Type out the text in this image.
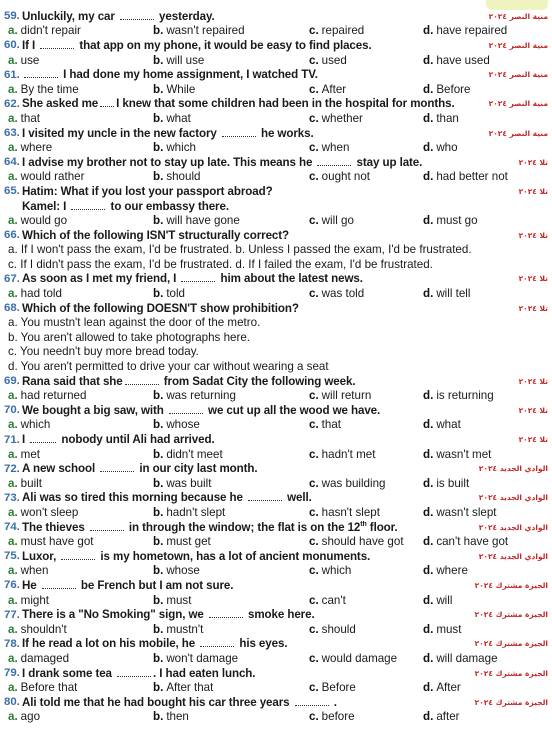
59. Unluckily, my car	yesterday.	منية النصر ٢٠٢٤
a. didn't repair	b. wasn't repaired	c. repaired	d. have repaired
60. If I	that app on my phone, it would be easy to find places.	منية النصر ٢٠٢٤
a. use	b. will use	c. used	d. have used
61.	I had done my home assignment, I watched TV.	منية النصر ٢٠٢٤
a. By the time	b. While	c. After	d. Before
62. She asked me I knew that some children had been in the hospital for months.	منية النصر ٢٠٢٤
a. that	b. what	c. whether	d. than
63. I visited my uncle in the new factory	he works.	منية النصر ٢٠٢٤
a. where	b. which	c. when	d. who
64. I advise my brother not to stay up late. This means he	stay up late.	تلا ٢٠٢٤
a. would rather	b. should	c. ought not	d. had better not
65. Hatim: What if you lost your passport abroad?	تلا ٢٠٢٤
Kamel: I	to our embassy there.
a. would go	b. will have gone	c. will go	d. must go
66. Which of the following ISN'T structurally correct?	تلا ٢٠٢٤
a. If I won't pass the exam, I'd be frustrated. b. Unless I passed the exam, I'd be frustrated.
c. If I didn't pass the exam, I'd be frustrated. d. If I failed the exam, I'd be frustrated.
67. As soon as I met my friend, I	him about the latest news.	تلا ٢٠٢٤
a. had told	b. told	c. was told	d. will tell
68. Which of the following DOESN'T show prohibition?	تلا ٢٠٢٤
a. You mustn't lean against the door of the metro.
b. You aren't allowed to take photographs here.
c. You needn't buy more bread today.
d. You aren't permitted to drive your car without wearing a seat
69. Rana said that she	from Sadat City the following week.	تلا ٢٠٢٤
a. had returned	b. was returning	c. will return	d. is returning
70. We bought a big saw, with	we cut up all the wood we have.	تلا ٢٠٢٤
a. which	b. whose	c. that	d. what
71. I	nobody until Ali had arrived.	تلا ٢٠٢٤
a. met	b. didn't meet	c. hadn't met	d. wasn't met
72. A new school	in our city last month.	الوادي الجديد ٢٠٢٤
a. built	b. was built	c. was building	d. is built
73. Ali was so tired this morning because he	well.	الوادي الجديد ٢٠٢٤
a. won't sleep	b. hadn't slept	c. hasn't slept	d. wasn't slept
74. The thieves	in through the window; the flat is on the 12th floor.	الوادي الجديد ٢٠٢٤
a. must have got	b. must get	c. should have got	d. can't have got
75. Luxor,	is my hometown, has a lot of ancient monuments.	الوادي الجديد ٢٠٢٤
a. when	b. whose	c. which	d. where
76. He	be French but I am not sure.	الجيزة مشترك ٢٠٢٤
a. might	b. must	c. can't	d. will
77. There is a "No Smoking" sign, we	smoke here.	الجيزة مشترك ٢٠٢٤
a. shouldn't	b. mustn't	c. should	d. must
78. If he read a lot on his mobile, he	his eyes.	الجيزة مشترك ٢٠٢٤
a. damaged	b. won't damage	c. would damage	d. will damage
79. I drank some tea	. I had eaten lunch.	الجيزة مشترك ٢٠٢٤
a. Before that	b. After that	c. Before	d. After
80. Ali told me that he had bought his car three years	.	الجيزة مشترك ٢٠٢٤
a. ago	b. then	c. before	d. after
